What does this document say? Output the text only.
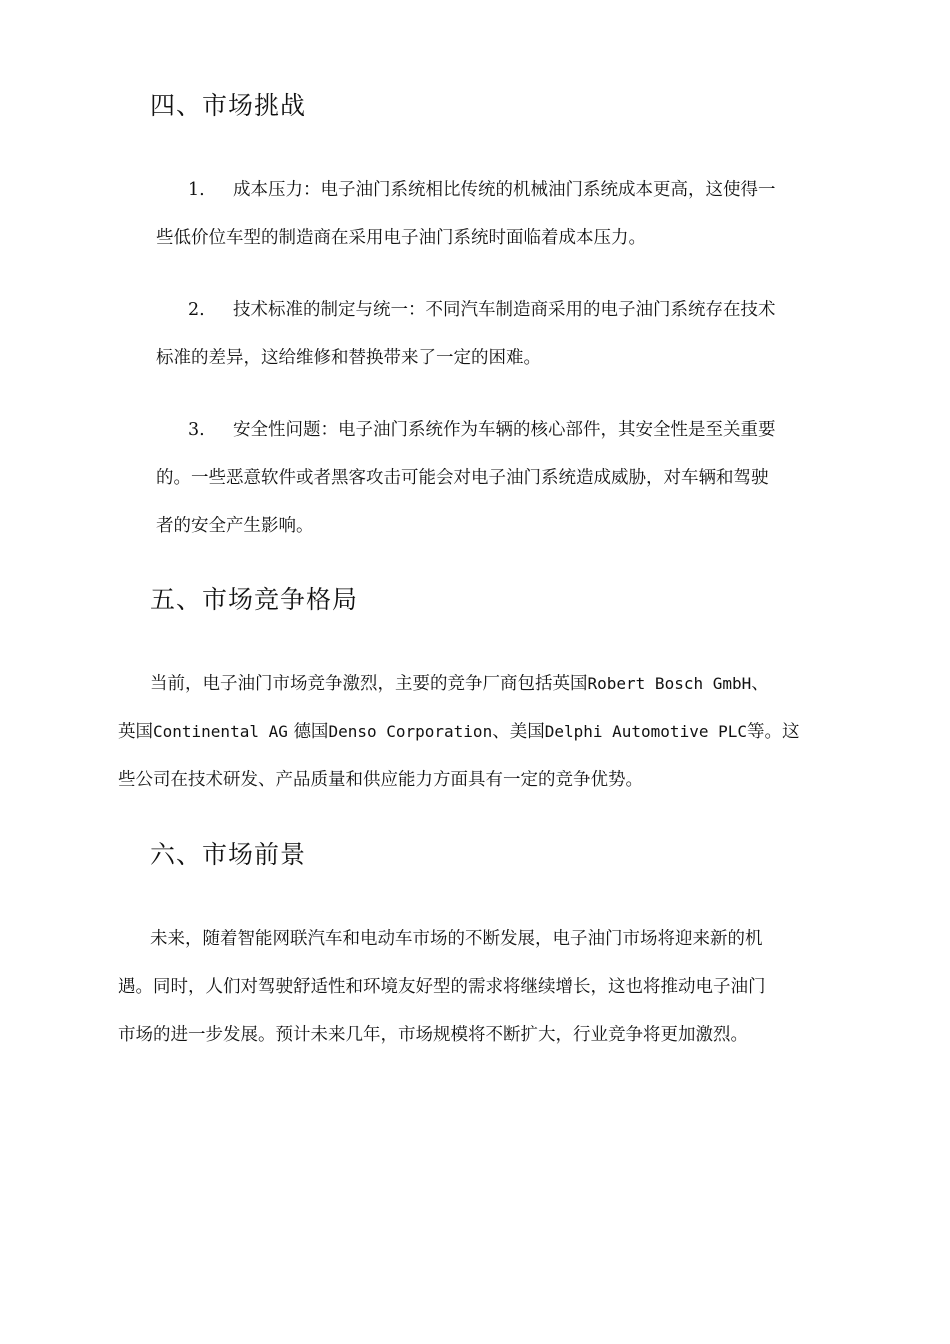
四、市场挑战
1. 成本压力：电子油门系统相比传统的机械油门系统成本更高，这使得一
些低价位车型的制造商在采用电子油门系统时面临着成本压力。
2. 技术标准的制定与统一：不同汽车制造商采用的电子油门系统存在技术
标准的差异，这给维修和替换带来了一定的困难。
3. 安全性问题：电子油门系统作为车辆的核心部件，其安全性是至关重要
的。一些恶意软件或者黑客攻击可能会对电子油门系统造成威胁，对车辆和驾驶
者的安全产生影响。
五、市场竞争格局
当前，电子油门市场竞争激烈，主要的竞争厂商包括英国Robert Bosch GmbH、
英国Continental AG 德国Denso Corporation、美国Delphi Automotive PLC等。这
些公司在技术研发、产品质量和供应能力方面具有一定的竞争优势。
六、市场前景
未来，随着智能网联汽车和电动车市场的不断发展，电子油门市场将迎来新的机
遇。同时，人们对驾驶舒适性和环境友好型的需求将继续增长，这也将推动电子油门
市场的进一步发展。预计未来几年，市场规模将不断扩大，行业竞争将更加激烈。
